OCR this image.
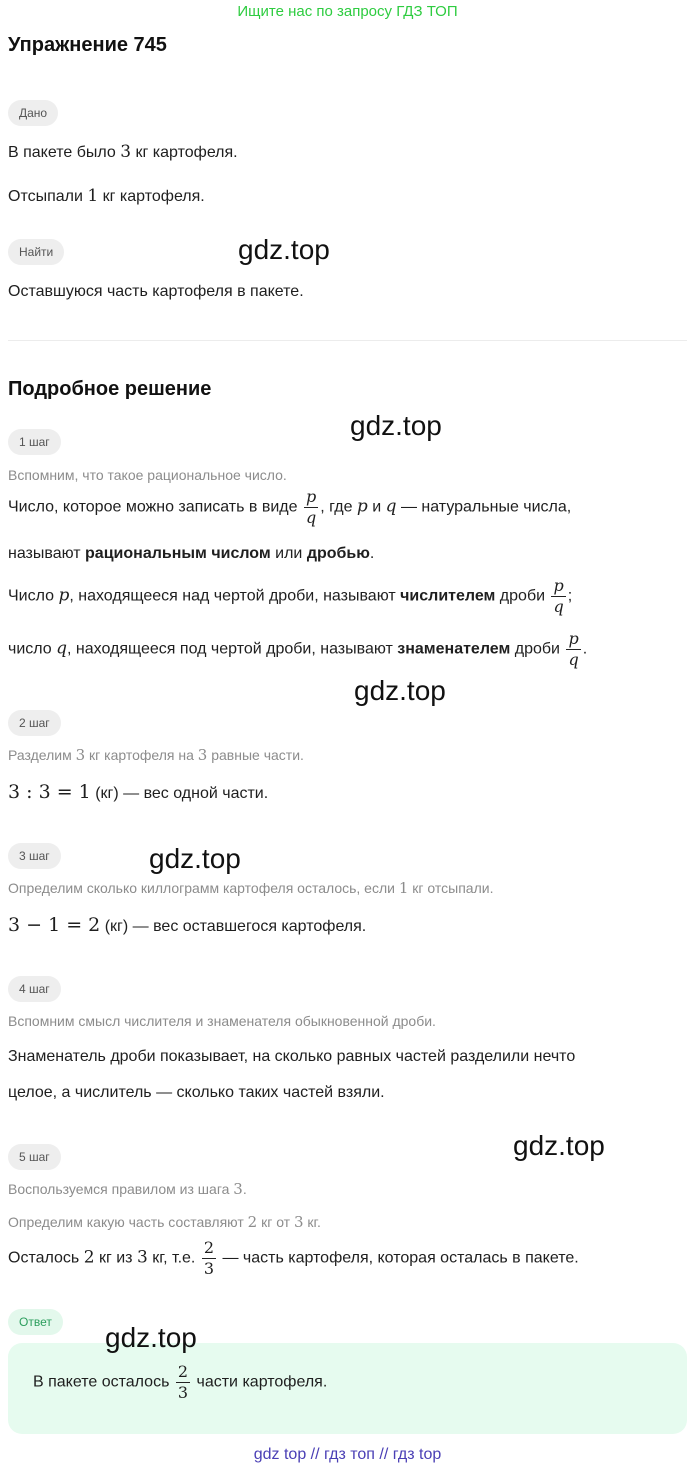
Ищите нас по запросу ГДЗ ТОП
Упражнение 745
Дано
В пакете было 3 кг картофеля.
Отсыпали 1 кг картофеля.
Найти
Оставшуюся часть картофеля в пакете.
Подробное решение
1 шаг
Вспомним, что такое рациональное число.
Число, которое можно записать в виде $\frac{p}{q}$ , где p и q — натуральные числа,
называют рациональным числом или дробью.
Число p, находящееся над чертой дроби, называют числителем дроби $\frac{p}{q}$ ;
число q, находящееся под чертой дроби, называют знаменателем дроби $\frac{p}{q}$ .
2 шаг
Разделим 3 кг картофеля на 3 равные части.
3 : 3 = 1 (кг) — вес одной части.
3 шаг
Определим сколько киллограмм картофеля осталось, если 1 кг отсыпали.
3 − 1 = 2 (кг) — вес оставшегося картофеля.
4 шаг
Вспомним смысл числителя и знаменателя обыкновенной дроби.
Знаменатель дроби показывает, на сколько равных частей разделили нечто
целое, а числитель — сколько таких частей взяли.
5 шаг
Воспользуемся правилом из шага 3.
Определим какую часть составляют 2 кг от 3 кг.
Осталось 2 кг из 3 кг, т.е. $\frac{2}{3}$ — часть картофеля, которая осталась в пакете.
Ответ
В пакете осталось $\frac{2}{3}$ части картофеля.
gdz.top
gdz.top
gdz.top
gdz.top
gdz.top
gdz.top
gdz top // гдз топ // гдз top
